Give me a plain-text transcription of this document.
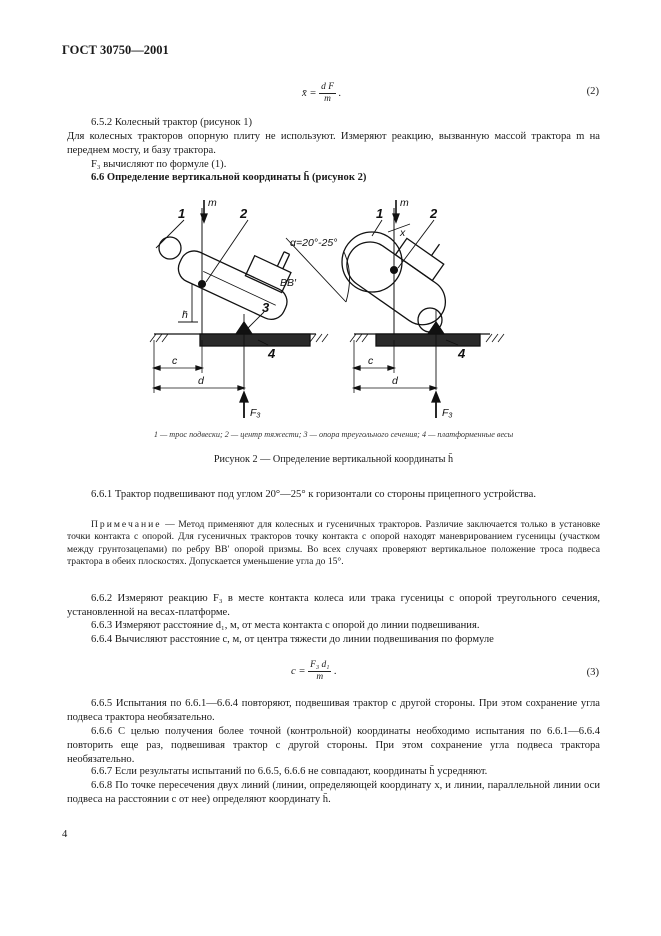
ГОСТ 30750—2001
x̄ = $\frac{\text{d F}}{m}$ .	(2)
6.5.2 Колесный трактор (рисунок 1)
Для колесных тракторов опорную плиту не используют. Измеряют реакцию, вызванную массой трактора m на переднем мосту, и базу трактора.
F₃ вычисляют по формуле (1).
6.6 Определение вертикальной координаты h̄ (рисунок 2)
1	2
3
4
1	2
4
m	m
BB′
h̄
c
d
c
d
F₃	F₃
α=20°-25°
x
1 — трос подвески; 2 — центр тяжести; 3 — опора треугольного сечения; 4 — платформенные весы
Рисунок 2 — Определение вертикальной координаты h̄
6.6.1 Трактор подвешивают под углом 20°—25° к горизонтали со стороны прицепного устройства.
Примечание — Метод применяют для колесных и гусеничных тракторов. Различие заключается только в установке точки контакта с опорой. Для гусеничных тракторов точку контакта с опорой находят маневрированием гусеницы (участком между грунтозацепами) по ребру BB′ опорой призмы. Во всех случаях проверяют вертикальное положение троса подвеса трактора в обеих плоскостях. Допускается уменьшение угла до 15°.
6.6.2 Измеряют реакцию F₃ в месте контакта колеса или трака гусеницы с опорой треугольного сечения, установленной на весах-платформе.
6.6.3 Измеряют расстояние d₁, м, от места контакта с опорой до линии подвешивания.
6.6.4 Вычисляют расстояние c, м, от центра тяжести до линии подвешивания по формуле
$c = \frac{\text{F₃ d₁}}{m}$ .	(3)
6.6.5 Испытания по 6.6.1—6.6.4 повторяют, подвешивая трактор с другой стороны. При этом сохранение угла подвеса трактора необязательно.
6.6.6 С целью получения более точной (контрольной) координаты необходимо испытания по 6.6.1—6.6.4 повторить еще раз, подвешивая трактор с другой стороны. При этом сохранение угла подвеса трактора необязательно.
6.6.7 Если результаты испытаний по 6.6.5, 6.6.6 не совпадают, координаты h̄ усредняют.
6.6.8 По точке пересечения двух линий (линии, определяющей координату x, и линии, параллельной линии оси подвеса на расстоянии c от нее) определяют координату h̄.
4
